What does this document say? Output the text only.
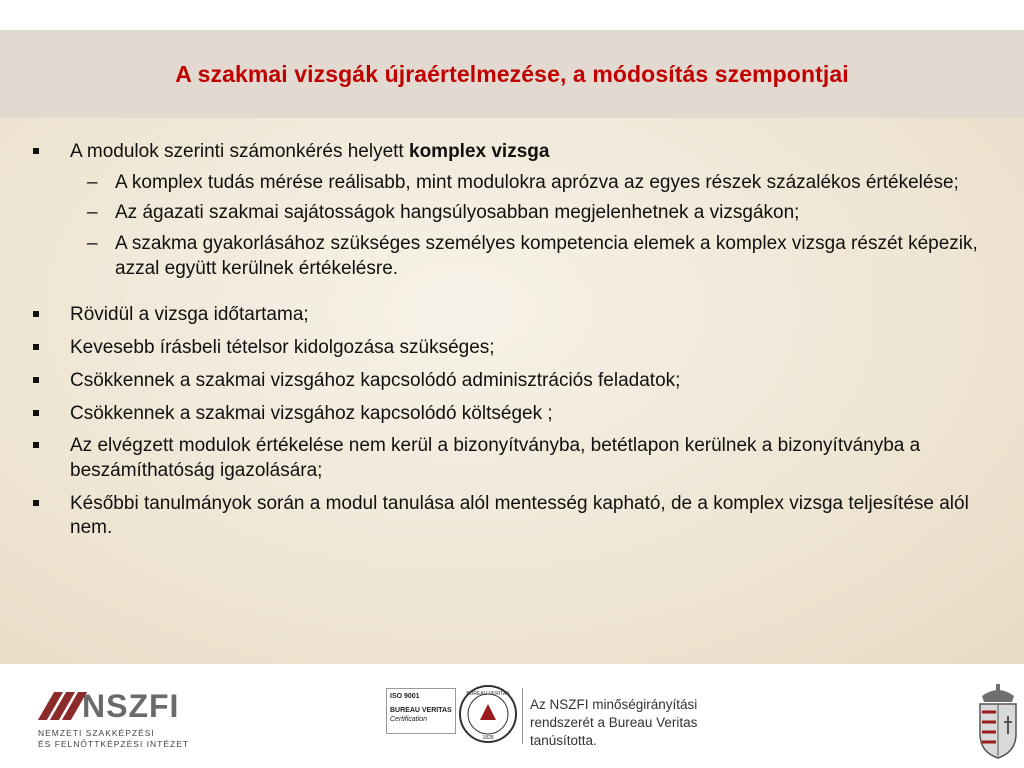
A szakmai vizsgák újraértelmezése, a módosítás szempontjai
A modulok szerinti számonkérés helyett komplex vizsga
– A komplex tudás mérése reálisabb, mint modulokra aprózva az egyes részek százalékos értékelése;
– Az ágazati szakmai sajátosságok hangsúlyosabban megjelenhetnek a vizsgákon;
– A szakma gyakorlásához szükséges személyes kompetencia elemek a komplex vizsga részét képezik, azzal együtt kerülnek értékelésre.
Rövidül a vizsga időtartama;
Kevesebb írásbeli tételsor kidolgozása szükséges;
Csökkennek a szakmai vizsgához kapcsolódó adminisztrációs feladatok;
Csökkennek a szakmai vizsgához kapcsolódó költségek ;
Az elvégzett modulok értékelése nem kerül a bizonyítványba, betétlapon kerülnek a bizonyítványba a beszámíthatóság igazolására;
Későbbi tanulmányok során a modul tanulása alól mentesség kapható, de a komplex vizsga teljesítése alól nem.
NSZFI
NEMZETI SZAKKÉPZÉSI
ÉS FELNŐTTKÉPZÉSI INTÉZET
ISO 9001
BUREAU VERITAS
Certification
BUREAU VERITAS
1828
Az NSZFI minőségirányítási
rendszerét a Bureau Veritas
tanúsította.
